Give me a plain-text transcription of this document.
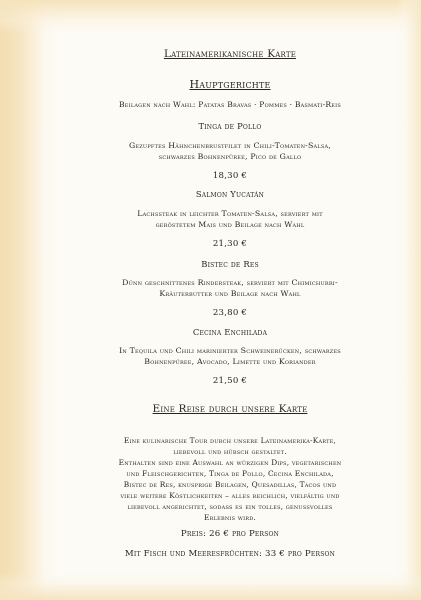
Lateinamerikanische Karte
Hauptgerichte
Beilagen nach Wahl: Patatas Bravas · Pommes · Basmati-Reis
Tinga de Pollo
Gezupftes Hähnchenbrustfilet in Chili-Tomaten-Salsa,
schwarzes Bohnenpüree, Pico de Gallo
18,30 €
Salmon Yucatán
Lachssteak in leichter Tomaten-Salsa, serviert mit
geröstetem Mais und Beilage nach Wahl
21,30 €
Bistec de Res
Dünn geschnittenes Rindersteak, serviert mit Chimichurri-
Kräuterbutter und Beilage nach Wahl
23,80 €
Cecina Enchilada
In Tequila und Chili marinierter Schweinerücken, schwarzes
Bohnenpüree, Avocado, Limette und Koriander
21,50 €
Eine Reise durch unsere Karte
Eine kulinarische Tour durch unsere Lateinamerika-Karte,
liebevoll und hübsch gestaltet.
Enthalten sind eine Auswahl an würzigen Dips, vegetarischen
und Fleischgerichten, Tinga de Pollo, Cecina Enchilada,
Bistec de Res, knusprige Beilagen, Quesadillas, Tacos und
viele weitere Köstlichkeiten – alles reichlich, vielfältig und
liebevoll angerichtet, sodass es ein tolles, genussvolles
Erlebnis wird.
Preis: 26 € pro Person
Mit Fisch und Meeresfrüchten: 33 € pro Person
